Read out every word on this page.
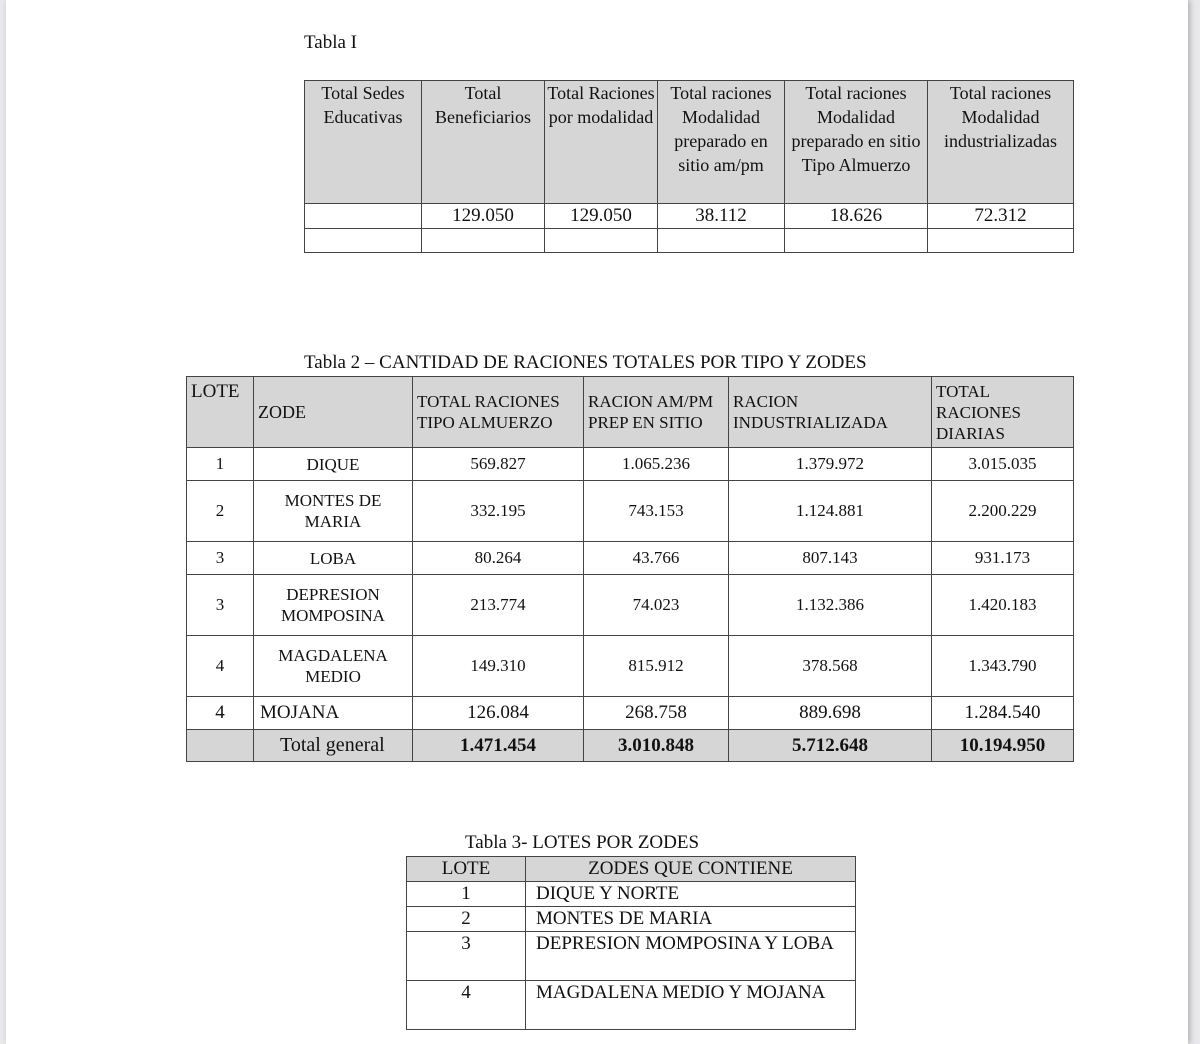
Tabla I
Total Sedes Educativas	Total Beneficiarios	Total Raciones por modalidad	Total raciones Modalidad preparado en sitio am/pm	Total raciones Modalidad preparado en sitio Tipo Almuerzo	Total raciones Modalidad industrializadas
	129.050	129.050	38.112	18.626	72.312

Tabla 2 – CANTIDAD DE RACIONES TOTALES POR TIPO Y ZODES
LOTE	ZODE	TOTAL RACIONES TIPO ALMUERZO	RACION AM/PM PREP EN SITIO	RACION INDUSTRIALIZADA	TOTAL RACIONES DIARIAS
1	DIQUE	569.827	1.065.236	1.379.972	3.015.035
2	MONTES DE MARIA	332.195	743.153	1.124.881	2.200.229
3	LOBA	80.264	43.766	807.143	931.173
3	DEPRESION MOMPOSINA	213.774	74.023	1.132.386	1.420.183
4	MAGDALENA MEDIO	149.310	815.912	378.568	1.343.790
4	MOJANA	126.084	268.758	889.698	1.284.540
	Total general	1.471.454	3.010.848	5.712.648	10.194.950
Tabla 3- LOTES POR ZODES
LOTE	ZODES QUE CONTIENE
1	DIQUE Y NORTE
2	MONTES DE MARIA
3	DEPRESION MOMPOSINA Y LOBA
4	MAGDALENA MEDIO Y MOJANA
